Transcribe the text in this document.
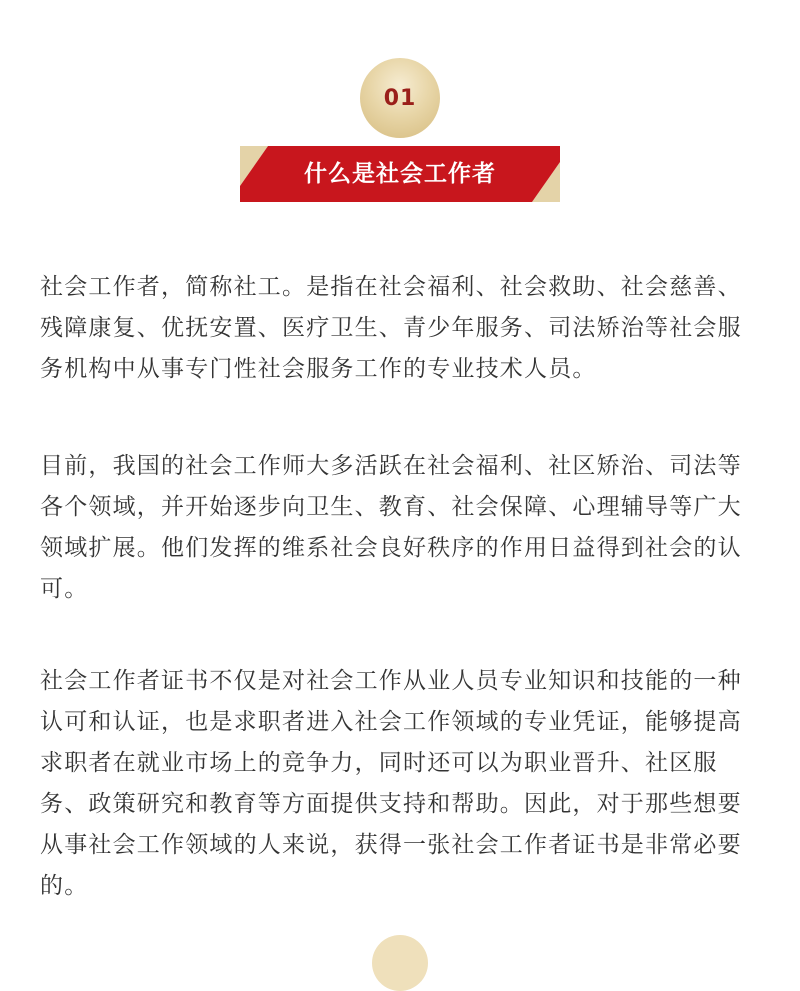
01
什么是社会工作者

社会工作者，简称社工。是指在社会福利、社会救助、社会慈善、残障康复、优抚安置、医疗卫生、青少年服务、司法矫治等社会服务机构中从事专门性社会服务工作的专业技术人员。

目前，我国的社会工作师大多活跃在社会福利、社区矫治、司法等各个领域，并开始逐步向卫生、教育、社会保障、心理辅导等广大领域扩展。他们发挥的维系社会良好秩序的作用日益得到社会的认可。

社会工作者证书不仅是对社会工作从业人员专业知识和技能的一种认可和认证，也是求职者进入社会工作领域的专业凭证，能够提高求职者在就业市场上的竞争力，同时还可以为职业晋升、社区服务、政策研究和教育等方面提供支持和帮助。因此，对于那些想要从事社会工作领域的人来说，获得一张社会工作者证书是非常必要的。
